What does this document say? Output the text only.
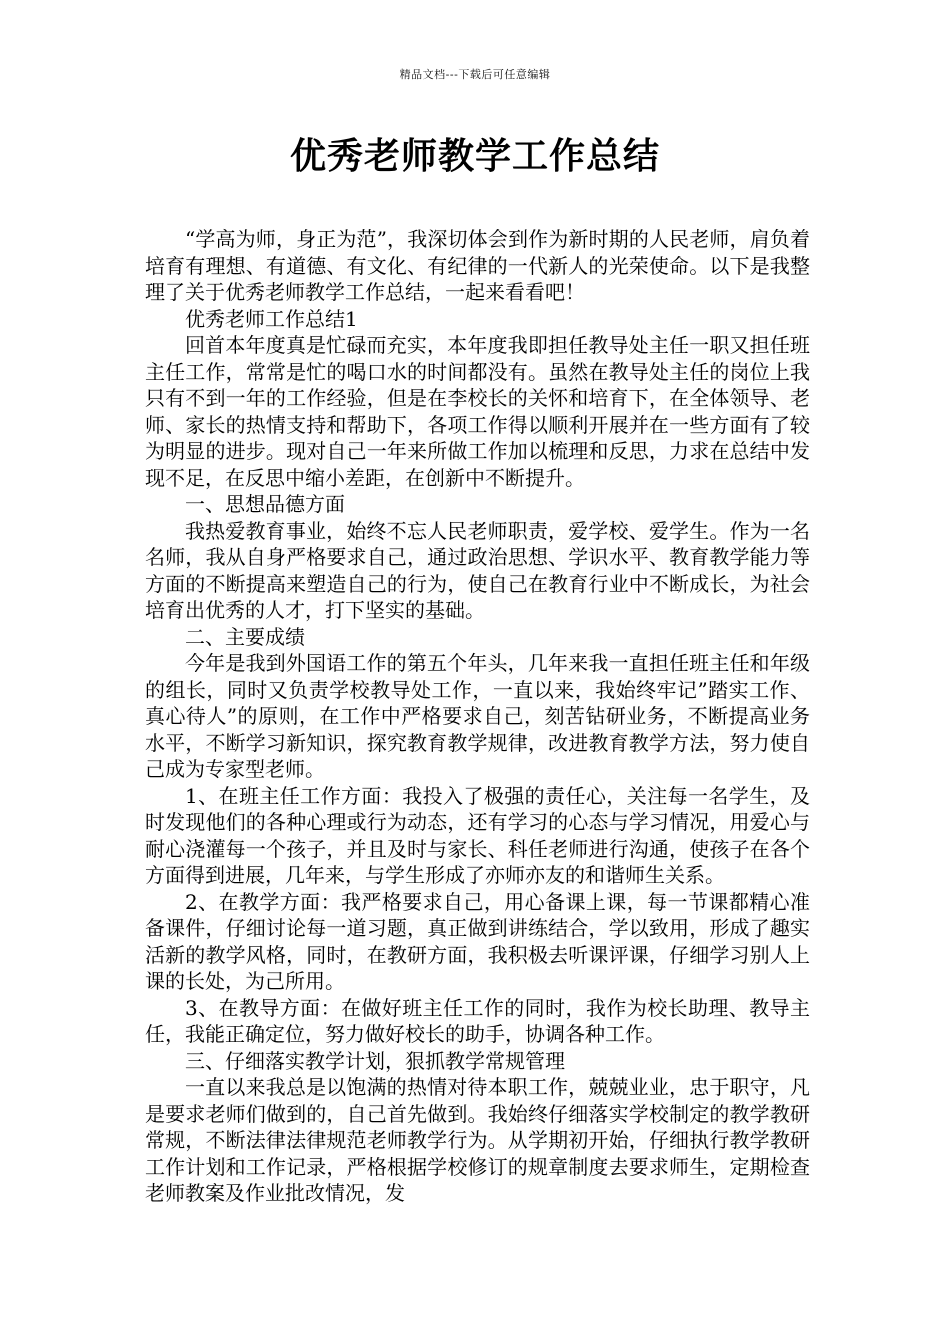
精品文档---下载后可任意编辑
优秀老师教学工作总结

“学高为师，身正为范”，我深切体会到作为新时期的人民老师，肩负着培育有理想、有道德、有文化、有纪律的一代新人的光荣使命。以下是我整理了关于优秀老师教学工作总结，一起来看看吧！

优秀老师工作总结1

回首本年度真是忙碌而充实，本年度我即担任教导处主任一职又担任班主任工作，常常是忙的喝口水的时间都没有。虽然在教导处主任的岗位上我只有不到一年的工作经验，但是在李校长的关怀和培育下，在全体领导、老师、家长的热情支持和帮助下，各项工作得以顺利开展并在一些方面有了较为明显的进步。现对自己一年来所做工作加以梳理和反思，力求在总结中发现不足，在反思中缩小差距，在创新中不断提升。

一、思想品德方面

我热爱教育事业，始终不忘人民老师职责，爱学校、爱学生。作为一名名师，我从自身严格要求自己，通过政治思想、学识水平、教育教学能力等方面的不断提高来塑造自己的行为，使自己在教育行业中不断成长，为社会培育出优秀的人才，打下坚实的基础。

二、主要成绩

今年是我到外国语工作的第五个年头，几年来我一直担任班主任和年级的组长，同时又负责学校教导处工作，一直以来，我始终牢记”踏实工作、真心待人”的原则，在工作中严格要求自己，刻苦钻研业务，不断提高业务水平，不断学习新知识，探究教育教学规律，改进教育教学方法，努力使自己成为专家型老师。

1、在班主任工作方面：我投入了极强的责任心，关注每一名学生，及时发现他们的各种心理或行为动态，还有学习的心态与学习情况，用爱心与耐心浇灌每一个孩子，并且及时与家长、科任老师进行沟通，使孩子在各个方面得到进展，几年来，与学生形成了亦师亦友的和谐师生关系。

2、在教学方面：我严格要求自己，用心备课上课，每一节课都精心准备课件，仔细讨论每一道习题，真正做到讲练结合，学以致用，形成了趣实活新的教学风格，同时，在教研方面，我积极去听课评课，仔细学习别人上课的长处，为己所用。

3、在教导方面：在做好班主任工作的同时，我作为校长助理、教导主任，我能正确定位，努力做好校长的助手，协调各种工作。

三、仔细落实教学计划，狠抓教学常规管理

一直以来我总是以饱满的热情对待本职工作，兢兢业业，忠于职守，凡是要求老师们做到的，自己首先做到。我始终仔细落实学校制定的教学教研常规，不断法律法律规范老师教学行为。从学期初开始，仔细执行教学教研工作计划和工作记录，严格根据学校修订的规章制度去要求师生，定期检查老师教案及作业批改情况，发
